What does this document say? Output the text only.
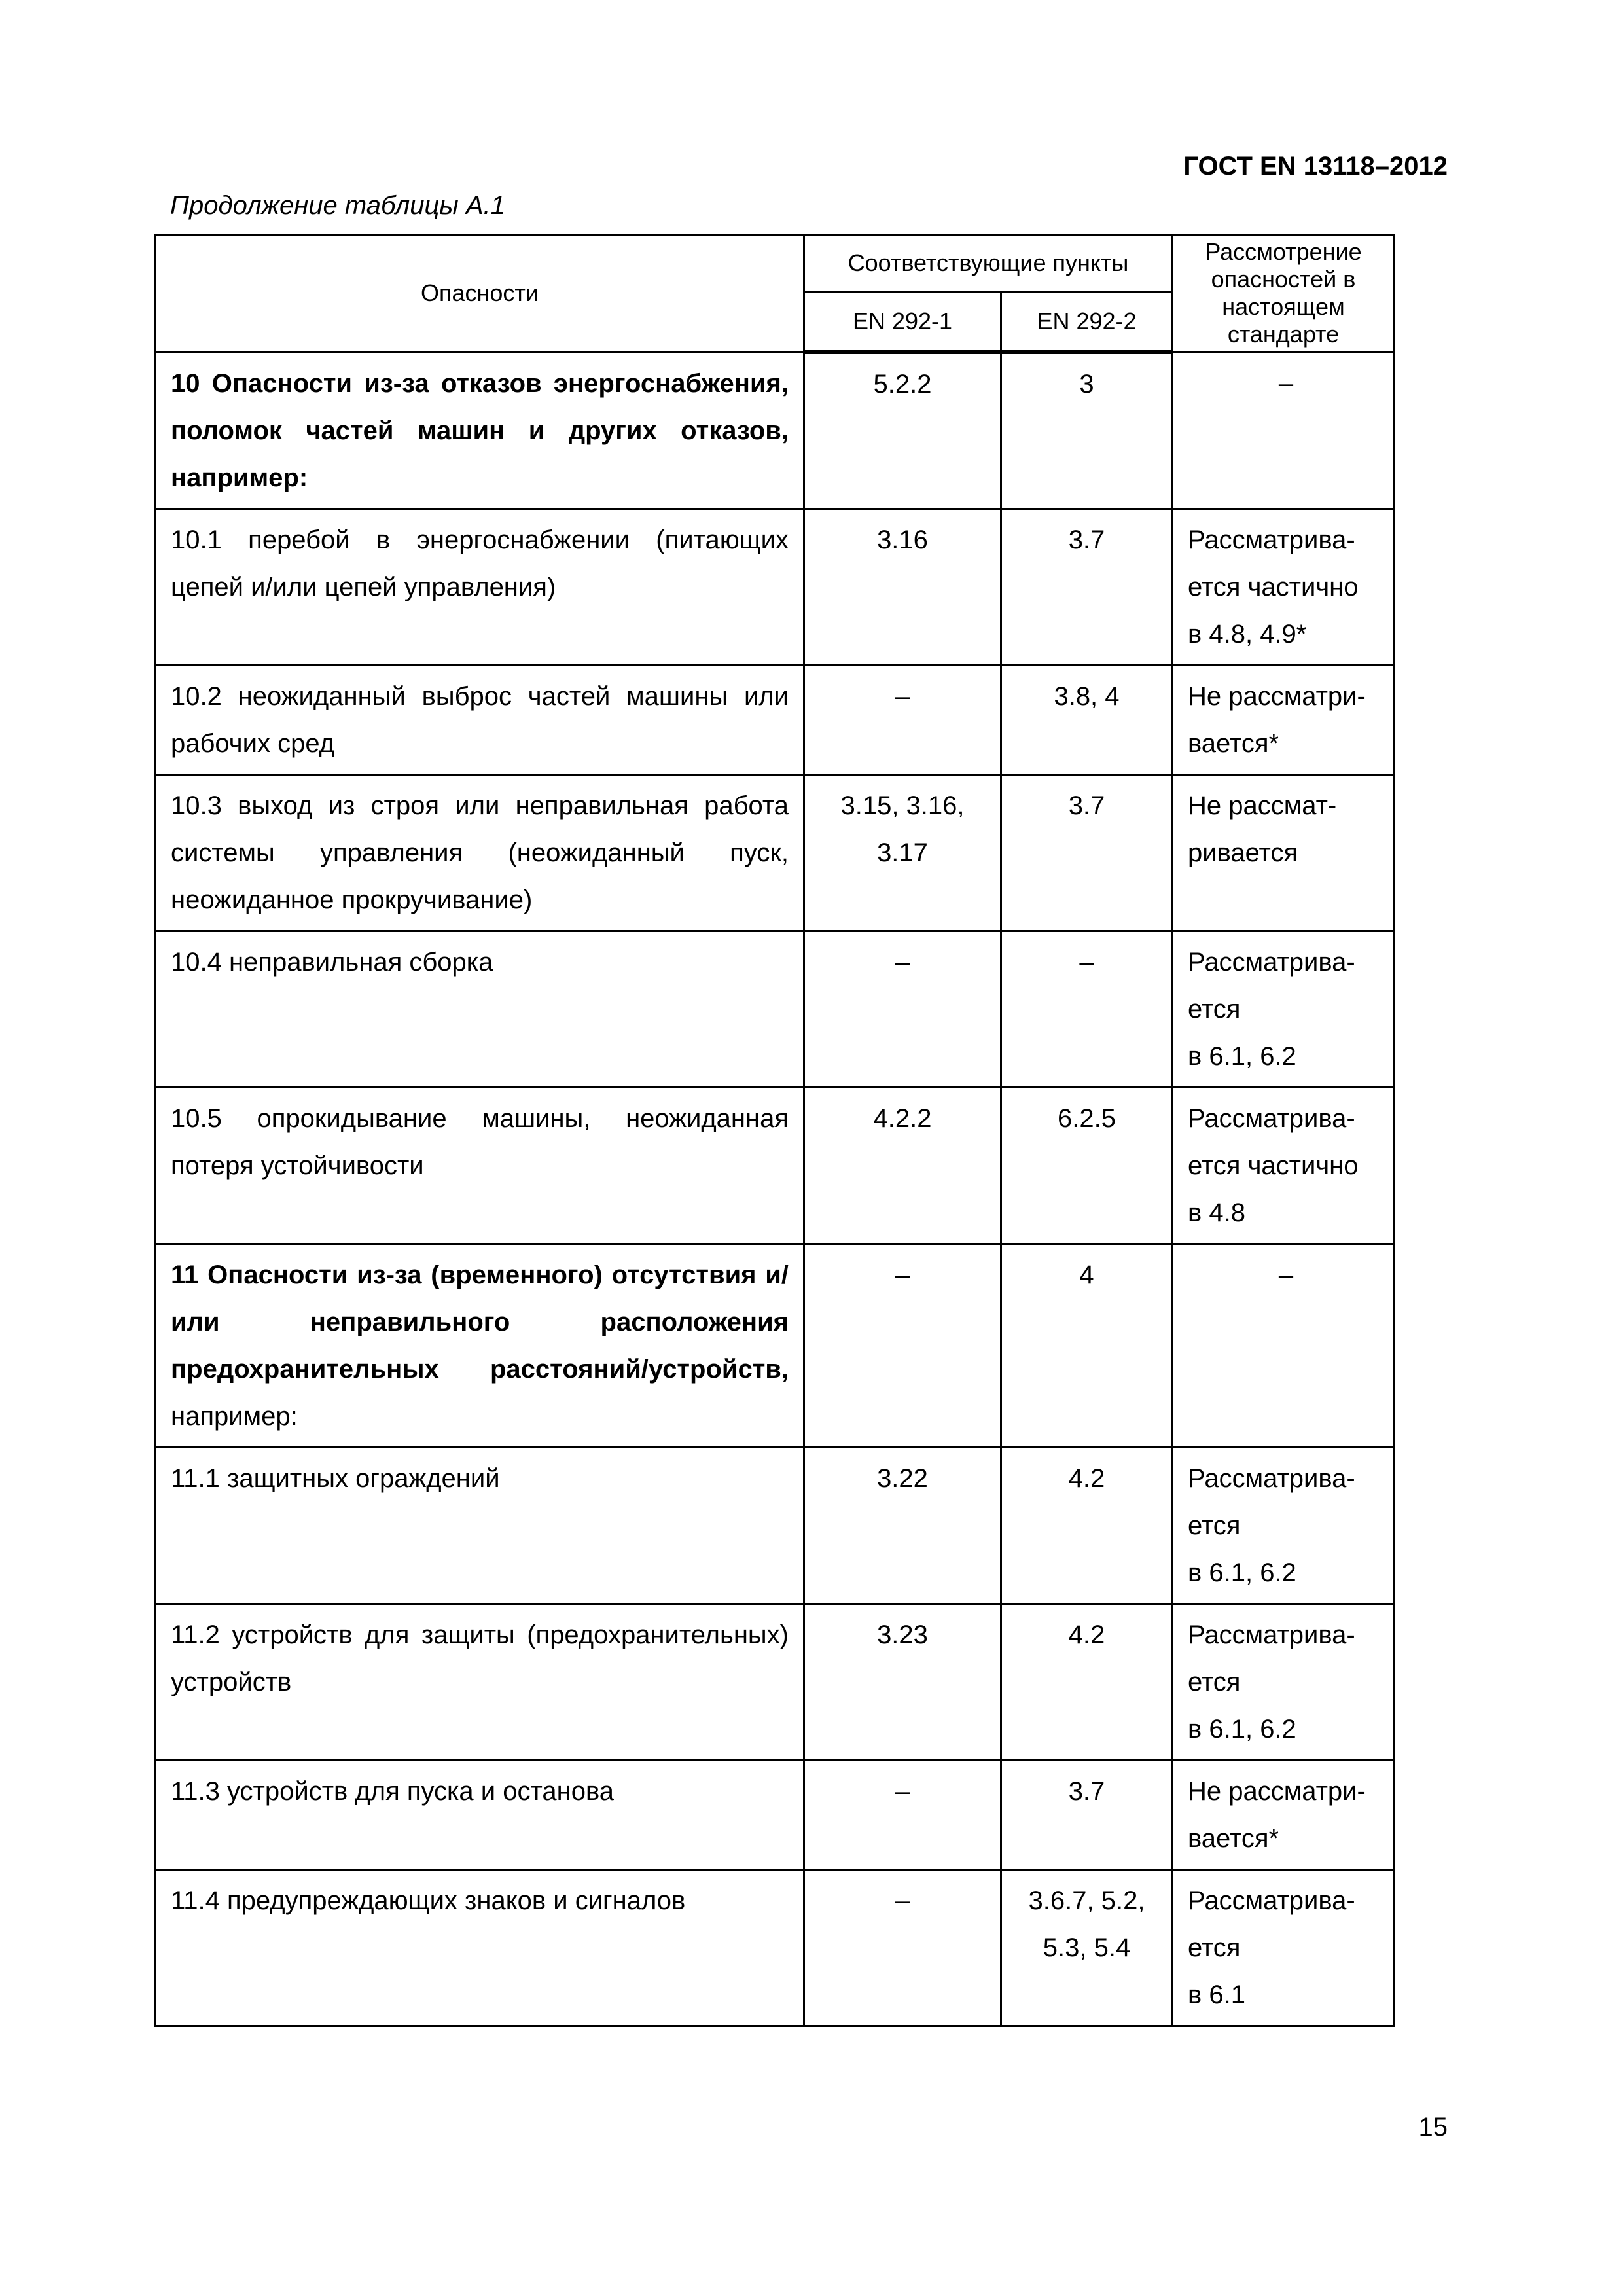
ГОСТ EN 13118–2012
Продолжение таблицы А.1
Опасности	Соответствующие пункты		Рассмотрение опасностей в настоящем стандарте
	EN 292-1	EN 292-2	
10 Опасности из-за отказов энергоснабжения, поломок частей машин и других отказов, например:	5.2.2	3	–
10.1 перебой в энергоснабжении (питающих цепей и/или цепей управления)	3.16	3.7	Рассматрива-
ется частично
в 4.8, 4.9*
10.2 неожиданный выброс частей машины или рабочих сред	–	3.8, 4	Не рассматри-
вается*
10.3 выход из строя или неправильная работа системы управления (неожиданный пуск, неожиданное прокручивание)	3.15, 3.16,
3.17	3.7	Не рассмат-
ривается
10.4 неправильная сборка	–	–	Рассматрива-
ется
в 6.1, 6.2
10.5 опрокидывание машины, неожиданная потеря устойчивости	4.2.2	6.2.5	Рассматрива-
ется частично
в 4.8
11 Опасности из-за (временного) отсутствия и/или неправильного расположения предохранительных расстояний/устройств, например:	–	4	–
11.1 защитных ограждений	3.22	4.2	Рассматрива-
ется
в 6.1, 6.2
11.2 устройств для защиты (предохранительных) устройств	3.23	4.2	Рассматрива-
ется
в 6.1, 6.2
11.3 устройств для пуска и останова	–	3.7	Не рассматри-
вается*
11.4 предупреждающих знаков и сигналов	–	3.6.7, 5.2,
5.3, 5.4	Рассматрива-
ется
в 6.1
15
